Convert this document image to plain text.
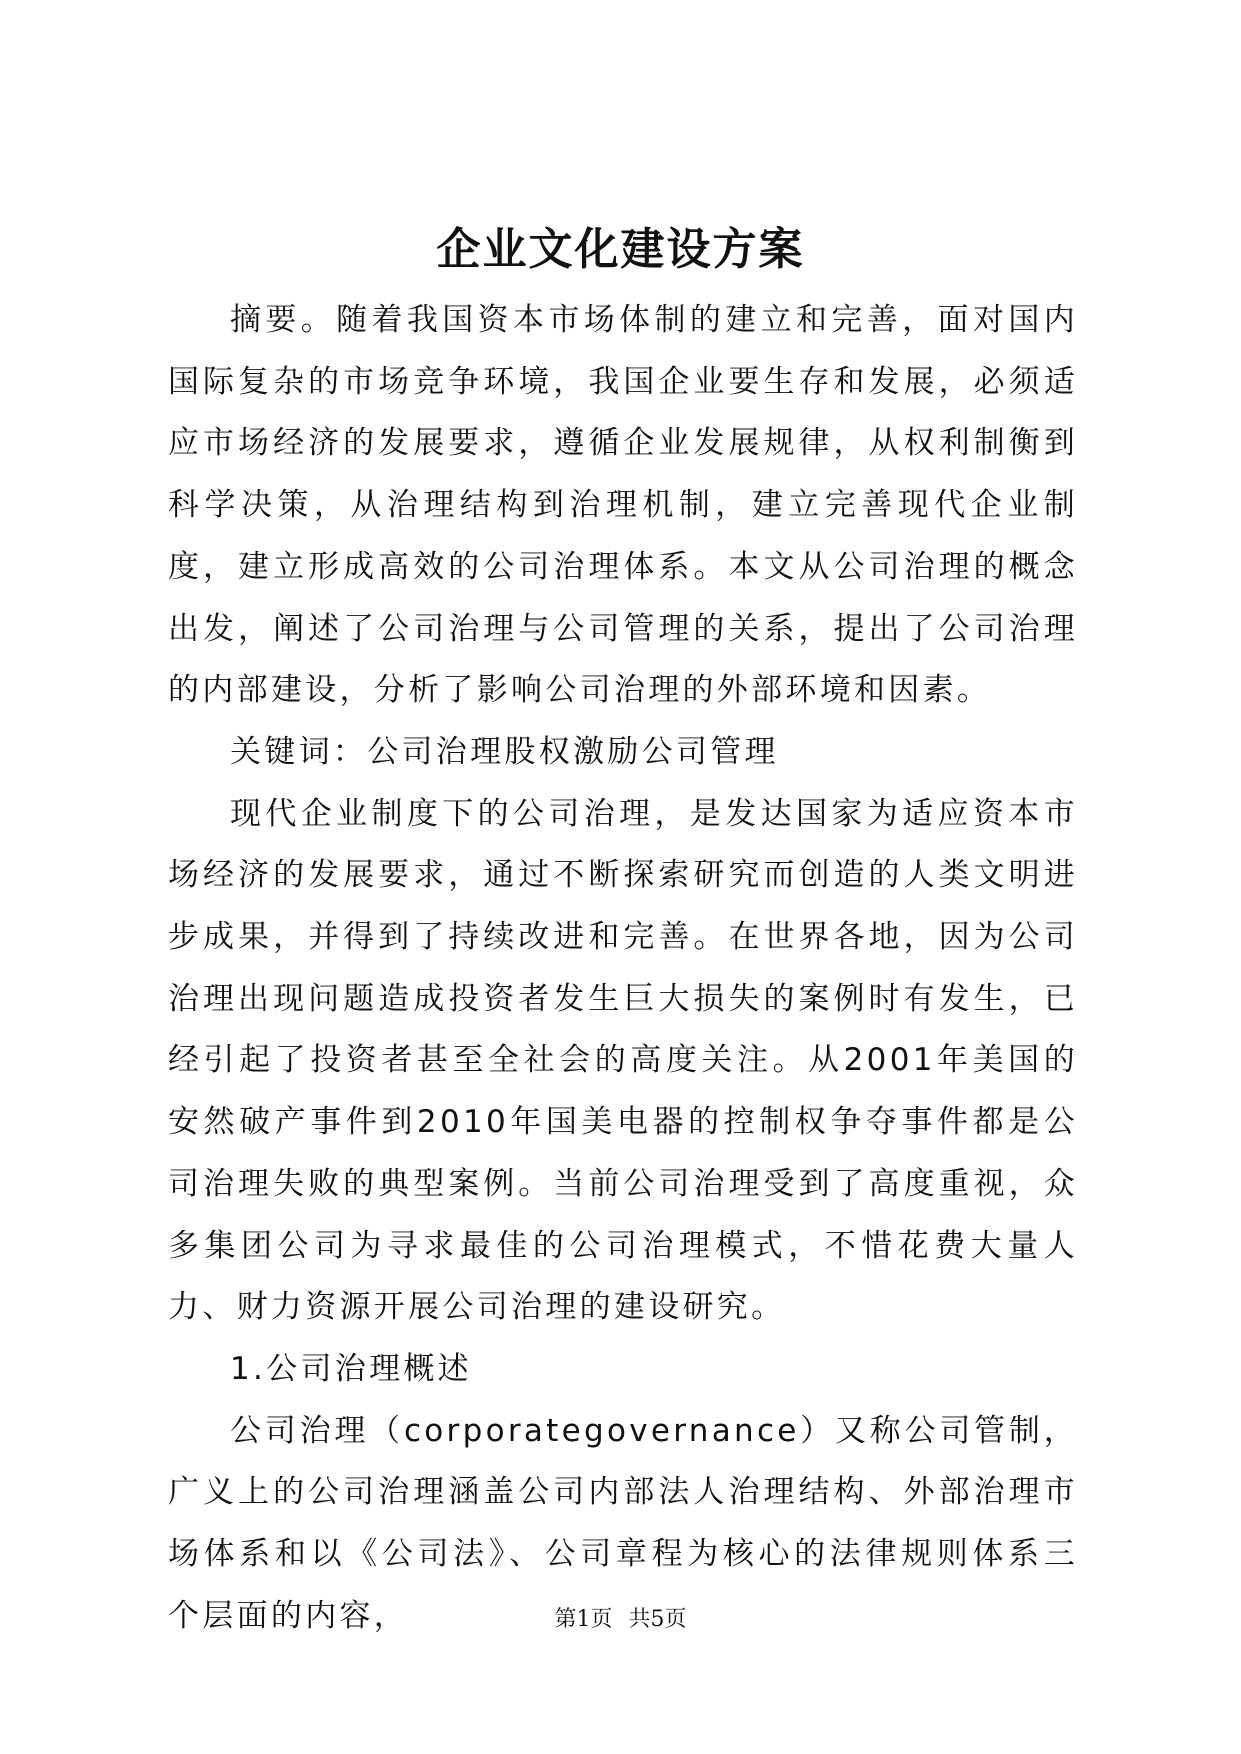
企业文化建设方案

摘要。随着我国资本市场体制的建立和完善，面对国内国际复杂的市场竞争环境，我国企业要生存和发展，必须适应市场经济的发展要求，遵循企业发展规律，从权利制衡到科学决策，从治理结构到治理机制，建立完善现代企业制度，建立形成高效的公司治理体系。本文从公司治理的概念出发，阐述了公司治理与公司管理的关系，提出了公司治理的内部建设，分析了影响公司治理的外部环境和因素。

关键词：公司治理股权激励公司管理

现代企业制度下的公司治理，是发达国家为适应资本市场经济的发展要求，通过不断探索研究而创造的人类文明进步成果，并得到了持续改进和完善。在世界各地，因为公司治理出现问题造成投资者发生巨大损失的案例时有发生，已经引起了投资者甚至全社会的高度关注。从2001年美国的安然破产事件到2010年国美电器的控制权争夺事件都是公司治理失败的典型案例。当前公司治理受到了高度重视，众多集团公司为寻求最佳的公司治理模式，不惜花费大量人力、财力资源开展公司治理的建设研究。

1.公司治理概述

公司治理（corporategovernance）又称公司管制，广义上的公司治理涵盖公司内部法人治理结构、外部治理市场体系和以《公司法》、公司章程为核心的法律规则体系三个层面的内容，	第1页 共5页
